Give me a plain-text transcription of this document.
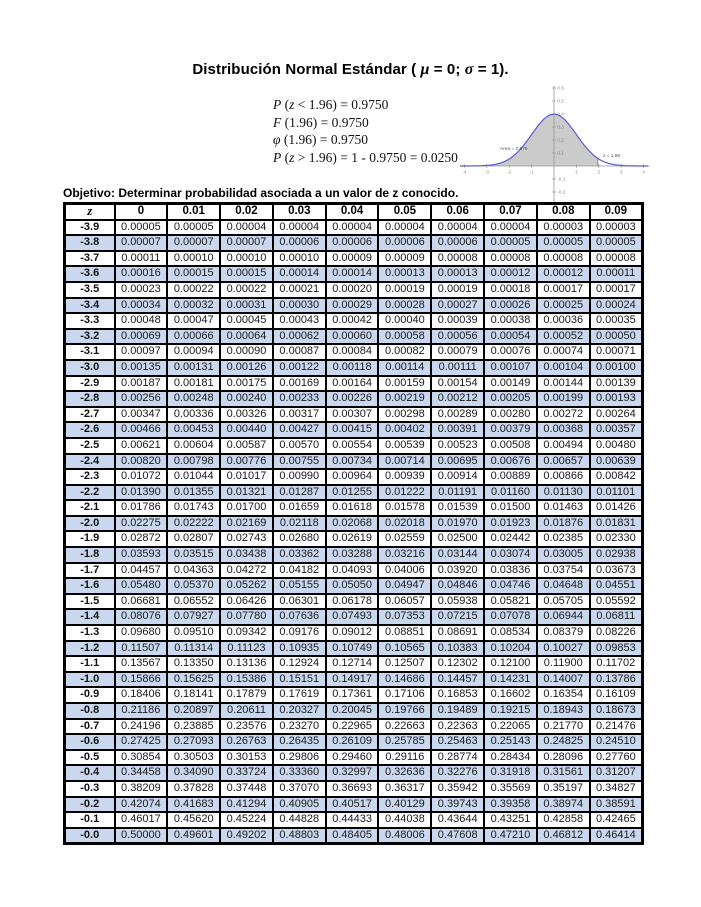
Distribución Normal Estándar ( μ = 0; σ = 1).
P (z < 1.96) = 0.9750
F (1.96) = 0.9750
φ (1.96) = 0.9750
P (z > 1.96) = 1 - 0.9750 = 0.0250
-4	-3	-2	-1	1	2	3	4
-0.2
-0.1
0.1
0.2
0.3
0.4
0.5
0.6
Area = 0.975
z = 1.96
Objetivo: Determinar probabilidad asociada a un valor de z conocido.
z	0	0.01	0.02	0.03	0.04	0.05	0.06	0.07	0.08	0.09
-3.9	0.00005	0.00005	0.00004	0.00004	0.00004	0.00004	0.00004	0.00004	0.00003	0.00003
-3.8	0.00007	0.00007	0.00007	0.00006	0.00006	0.00006	0.00006	0.00005	0.00005	0.00005
-3.7	0.00011	0.00010	0.00010	0.00010	0.00009	0.00009	0.00008	0.00008	0.00008	0.00008
-3.6	0.00016	0.00015	0.00015	0.00014	0.00014	0.00013	0.00013	0.00012	0.00012	0.00011
-3.5	0.00023	0.00022	0.00022	0.00021	0.00020	0.00019	0.00019	0.00018	0.00017	0.00017
-3.4	0.00034	0.00032	0.00031	0.00030	0.00029	0.00028	0.00027	0.00026	0.00025	0.00024
-3.3	0.00048	0.00047	0.00045	0.00043	0.00042	0.00040	0.00039	0.00038	0.00036	0.00035
-3.2	0.00069	0.00066	0.00064	0.00062	0.00060	0.00058	0.00056	0.00054	0.00052	0.00050
-3.1	0.00097	0.00094	0.00090	0.00087	0.00084	0.00082	0.00079	0.00076	0.00074	0.00071
-3.0	0.00135	0.00131	0.00126	0.00122	0.00118	0.00114	0.00111	0.00107	0.00104	0.00100
-2.9	0.00187	0.00181	0.00175	0.00169	0.00164	0.00159	0.00154	0.00149	0.00144	0.00139
-2.8	0.00256	0.00248	0.00240	0.00233	0.00226	0.00219	0.00212	0.00205	0.00199	0.00193
-2.7	0.00347	0.00336	0.00326	0.00317	0.00307	0.00298	0.00289	0.00280	0.00272	0.00264
-2.6	0.00466	0.00453	0.00440	0.00427	0.00415	0.00402	0.00391	0.00379	0.00368	0.00357
-2.5	0.00621	0.00604	0.00587	0.00570	0.00554	0.00539	0.00523	0.00508	0.00494	0.00480
-2.4	0.00820	0.00798	0.00776	0.00755	0.00734	0.00714	0.00695	0.00676	0.00657	0.00639
-2.3	0.01072	0.01044	0.01017	0.00990	0.00964	0.00939	0.00914	0.00889	0.00866	0.00842
-2.2	0.01390	0.01355	0.01321	0.01287	0.01255	0.01222	0.01191	0.01160	0.01130	0.01101
-2.1	0.01786	0.01743	0.01700	0.01659	0.01618	0.01578	0.01539	0.01500	0.01463	0.01426
-2.0	0.02275	0.02222	0.02169	0.02118	0.02068	0.02018	0.01970	0.01923	0.01876	0.01831
-1.9	0.02872	0.02807	0.02743	0.02680	0.02619	0.02559	0.02500	0.02442	0.02385	0.02330
-1.8	0.03593	0.03515	0.03438	0.03362	0.03288	0.03216	0.03144	0.03074	0.03005	0.02938
-1.7	0.04457	0.04363	0.04272	0.04182	0.04093	0.04006	0.03920	0.03836	0.03754	0.03673
-1.6	0.05480	0.05370	0.05262	0.05155	0.05050	0.04947	0.04846	0.04746	0.04648	0.04551
-1.5	0.06681	0.06552	0.06426	0.06301	0.06178	0.06057	0.05938	0.05821	0.05705	0.05592
-1.4	0.08076	0.07927	0.07780	0.07636	0.07493	0.07353	0.07215	0.07078	0.06944	0.06811
-1.3	0.09680	0.09510	0.09342	0.09176	0.09012	0.08851	0.08691	0.08534	0.08379	0.08226
-1.2	0.11507	0.11314	0.11123	0.10935	0.10749	0.10565	0.10383	0.10204	0.10027	0.09853
-1.1	0.13567	0.13350	0.13136	0.12924	0.12714	0.12507	0.12302	0.12100	0.11900	0.11702
-1.0	0.15866	0.15625	0.15386	0.15151	0.14917	0.14686	0.14457	0.14231	0.14007	0.13786
-0.9	0.18406	0.18141	0.17879	0.17619	0.17361	0.17106	0.16853	0.16602	0.16354	0.16109
-0.8	0.21186	0.20897	0.20611	0.20327	0.20045	0.19766	0.19489	0.19215	0.18943	0.18673
-0.7	0.24196	0.23885	0.23576	0.23270	0.22965	0.22663	0.22363	0.22065	0.21770	0.21476
-0.6	0.27425	0.27093	0.26763	0.26435	0.26109	0.25785	0.25463	0.25143	0.24825	0.24510
-0.5	0.30854	0.30503	0.30153	0.29806	0.29460	0.29116	0.28774	0.28434	0.28096	0.27760
-0.4	0.34458	0.34090	0.33724	0.33360	0.32997	0.32636	0.32276	0.31918	0.31561	0.31207
-0.3	0.38209	0.37828	0.37448	0.37070	0.36693	0.36317	0.35942	0.35569	0.35197	0.34827
-0.2	0.42074	0.41683	0.41294	0.40905	0.40517	0.40129	0.39743	0.39358	0.38974	0.38591
-0.1	0.46017	0.45620	0.45224	0.44828	0.44433	0.44038	0.43644	0.43251	0.42858	0.42465
-0.0	0.50000	0.49601	0.49202	0.48803	0.48405	0.48006	0.47608	0.47210	0.46812	0.46414
